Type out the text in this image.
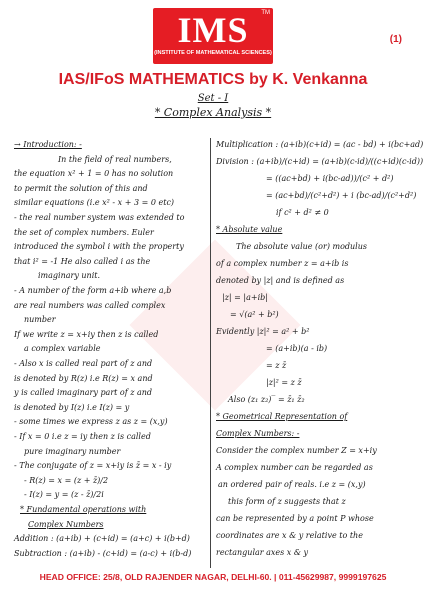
IMS	TM
(INSTITUTE OF MATHEMATICAL SCIENCES)
(1)
IAS/IFoS MATHEMATICS by K. Venkanna
Set - I
* Complex Analysis *
→ Introduction: -
In the field of real numbers,
the equation x² + 1 = 0 has no solution
to permit the solution of this and
similar equations (i.e x² - x + 3 = 0 etc)
- the real number system was extended to
the set of complex numbers. Euler
introduced the symbol i with the property
that i² = -1 He also called i as the
imaginary unit.
- A number of the form a+ib where a,b
are real numbers was called complex
number
If we write z = x+iy then z is called
a complex variable
- Also x is called real part of z and
is denoted by R(z) i.e R(z) = x and
y is called imaginary part of z and
is denoted by I(z) i.e I(z) = y
- some times we express z as z = (x,y)
- If x = 0 i.e z = iy then z is called
pure imaginary number
- The conjugate of z = x+iy is z̄ = x - iy
- R(z) = x = (z + z̄)/2
- I(z) = y = (z - z̄)/2i
* Fundamental operations with
Complex Numbers
Addition : (a+ib) + (c+id) = (a+c) + i(b+d)
Subtraction : (a+ib) - (c+id) = (a-c) + i(b-d)
Multiplication : (a+ib)(c+id) = (ac - bd) + i(bc+ad)
Division : (a+ib)/(c+id) = (a+ib)(c-id)/((c+id)(c-id))
= ((ac+bd) + i(bc-ad))/(c² + d²)
= (ac+bd)/(c²+d²) + i (bc-ad)/(c²+d²)
if c² + d² ≠ 0
* Absolute value
The absolute value (or) modulus
of a complex number z = a+ib is
denoted by |z| and is defined as
|z| = |a+ib|
= √(a² + b²)
Evidently |z|² = a² + b²
= (a+ib)(a - ib)
= z z̄
|z|² = z z̄
Also (z₁ z₂)‾ = z̄₁ z̄₂
* Geometrical Representation of
Complex Numbers: -
Consider the complex number Z = x+iy
A complex number can be regarded as
an ordered pair of reals. i.e z = (x,y)
this form of z suggests that z
can be represented by a point P whose
coordinates are x & y relative to the
rectangular axes x & y
HEAD OFFICE: 25/8, OLD RAJENDER NAGAR, DELHI-60. | 011-45629987, 9999197625
